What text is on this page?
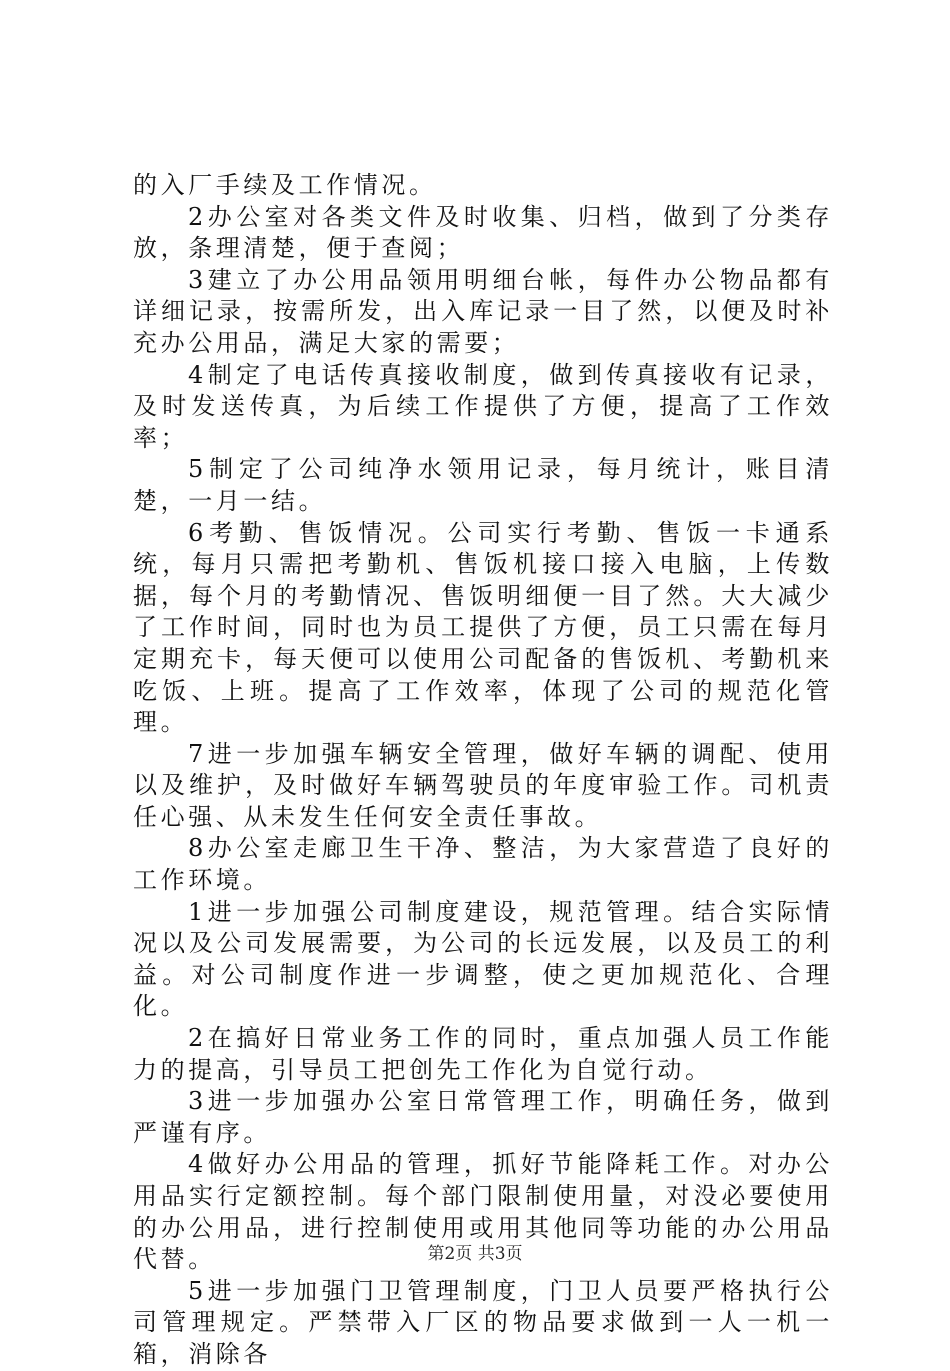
的入厂手续及工作情况。

2办公室对各类文件及时收集、归档，做到了分类存放，条理清楚，便于查阅；

3建立了办公用品领用明细台帐，每件办公物品都有详细记录，按需所发，出入库记录一目了然，以便及时补充办公用品，满足大家的需要；

4制定了电话传真接收制度，做到传真接收有记录，及时发送传真，为后续工作提供了方便，提高了工作效率；

5制定了公司纯净水领用记录，每月统计，账目清楚，一月一结。

6考勤、售饭情况。公司实行考勤、售饭一卡通系统，每月只需把考勤机、售饭机接口接入电脑，上传数据，每个月的考勤情况、售饭明细便一目了然。大大减少了工作时间，同时也为员工提供了方便，员工只需在每月定期充卡，每天便可以使用公司配备的售饭机、考勤机来吃饭、上班。提高了工作效率，体现了公司的规范化管理。

7进一步加强车辆安全管理，做好车辆的调配、使用以及维护，及时做好车辆驾驶员的年度审验工作。司机责任心强、从未发生任何安全责任事故。

8办公室走廊卫生干净、整洁，为大家营造了良好的工作环境。

1进一步加强公司制度建设，规范管理。结合实际情况以及公司发展需要，为公司的长远发展，以及员工的利益。对公司制度作进一步调整，使之更加规范化、合理化。

2在搞好日常业务工作的同时，重点加强人员工作能力的提高，引导员工把创先工作化为自觉行动。

3进一步加强办公室日常管理工作，明确任务，做到严谨有序。

4做好办公用品的管理，抓好节能降耗工作。对办公用品实行定额控制。每个部门限制使用量，对没必要使用的办公用品，进行控制使用或用其他同等功能的办公用品代替。

5进一步加强门卫管理制度，门卫人员要严格执行公司管理规定。严禁带入厂区的物品要求做到一人一机一箱，消除各

第2页 共3页
